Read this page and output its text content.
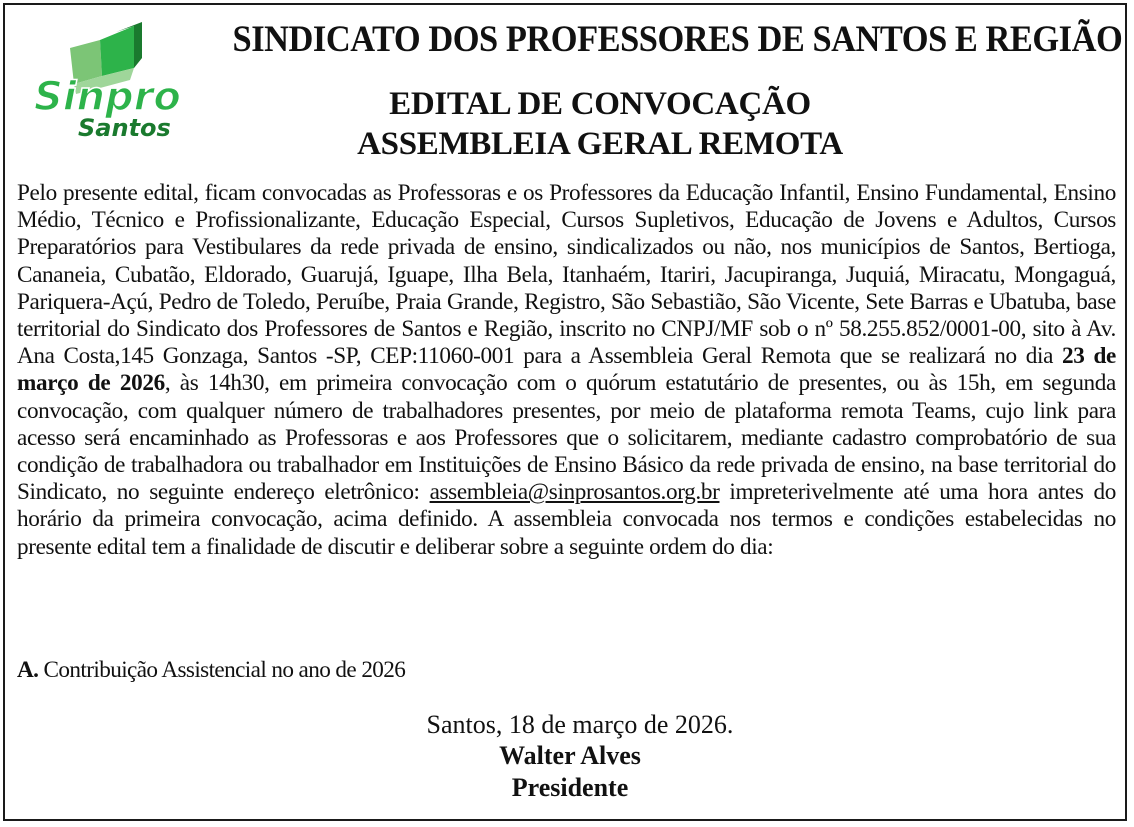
Sinpro
Santos
SINDICATO DOS PROFESSORES DE SANTOS E REGIÃO
EDITAL DE CONVOCAÇÃO
ASSEMBLEIA GERAL REMOTA
Pelo presente edital, ficam convocadas as Professoras e os Professores da Educação Infantil, Ensino Fundamental, Ensino Médio, Técnico e Profissionalizante, Educação Especial, Cursos Supletivos, Educação de Jovens e Adultos, Cursos Preparatórios para Vestibulares da rede privada de ensino, sindicalizados ou não, nos municípios de Santos, Bertioga, Cananeia, Cubatão, Eldorado, Guarujá, Iguape, Ilha Bela, Itanhaém, Itariri, Jacupiranga, Juquiá, Miracatu, Mongaguá, Pariquera-Açú, Pedro de Toledo, Peruíbe, Praia Grande, Registro, São Sebastião, São Vicente, Sete Barras e Ubatuba, base territorial do Sindicato dos Professores de Santos e Região, inscrito no CNPJ/MF sob o nº 58.255.852/0001-00, sito à Av. Ana Costa,145 Gonzaga, Santos -SP, CEP:11060-001 para a Assembleia Geral Remota que se realizará no dia 23 de março de 2026, às 14h30, em primeira convocação com o quórum estatutário de presentes, ou às 15h, em segunda convocação, com qualquer número de trabalhadores presentes, por meio de plataforma remota Teams, cujo link para acesso será encaminhado as Professoras e aos Professores que o solicitarem, mediante cadastro comprobatório de sua condição de trabalhadora ou trabalhador em Instituições de Ensino Básico da rede privada de ensino, na base territorial do Sindicato, no seguinte endereço eletrônico: assembleia@sinprosantos.org.br impreterivelmente até uma hora antes do horário da primeira convocação, acima definido. A assembleia convocada nos termos e condições estabelecidas no presente edital tem a finalidade de discutir e deliberar sobre a seguinte ordem do dia:
A. Contribuição Assistencial no ano de 2026
Santos, 18 de março de 2026.
Walter Alves
Presidente
